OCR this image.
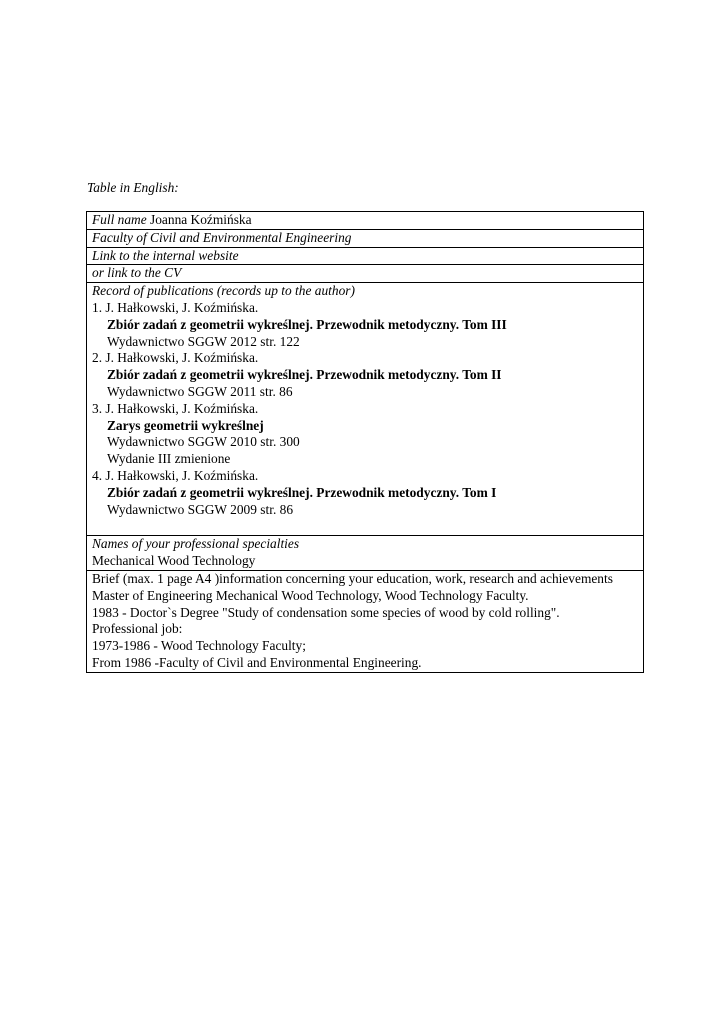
Table in English:
Full name Joanna Koźmińska
Faculty of Civil and Environmental Engineering
Link to the internal website
or link to the CV

Record of publications (records up to the author)
1. J. Hałkowski, J. Koźmińska.
Zbiór zadań z geometrii wykreślnej. Przewodnik metodyczny. Tom III
Wydawnictwo SGGW 2012 str. 122
2. J. Hałkowski, J. Koźmińska.
Zbiór zadań z geometrii wykreślnej. Przewodnik metodyczny. Tom II
Wydawnictwo SGGW 2011 str. 86
3. J. Hałkowski, J. Koźmińska.
Zarys geometrii wykreślnej
Wydawnictwo SGGW 2010 str. 300
Wydanie III zmienione
4. J. Hałkowski, J. Koźmińska.
Zbiór zadań z geometrii wykreślnej. Przewodnik metodyczny. Tom I
Wydawnictwo SGGW 2009 str. 86

Names of your professional specialties
Mechanical Wood Technology

Brief (max. 1 page A4 )information concerning your education, work, research and achievements
Master of Engineering Mechanical Wood Technology, Wood Technology Faculty.
1983 - Doctor`s Degree "Study of condensation some species of wood by cold rolling".
Professional job:
1973-1986 - Wood Technology Faculty;
From 1986 -Faculty of Civil and Environmental Engineering.
